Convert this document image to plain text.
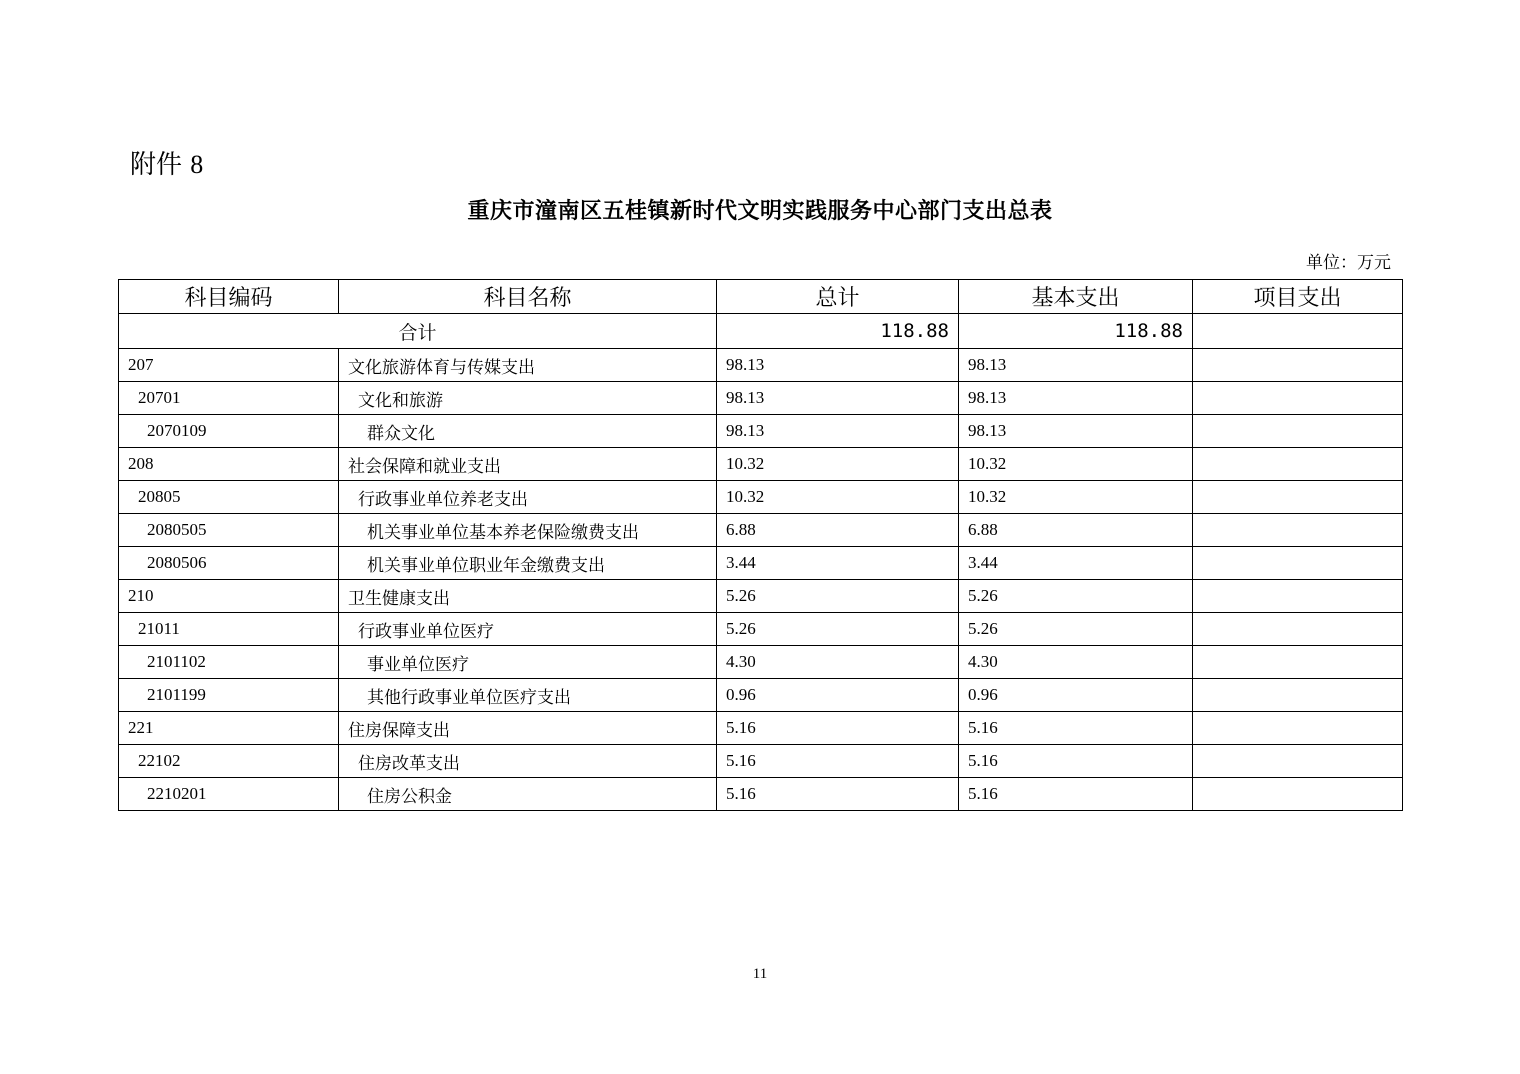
附件 8
重庆市潼南区五桂镇新时代文明实践服务中心部门支出总表
单位：万元
科目编码	科目名称	总计	基本支出	项目支出
合计		118.88	118.88	
207	文化旅游体育与传媒支出	98.13	98.13	
20701	文化和旅游	98.13	98.13	
2070109	群众文化	98.13	98.13	
208	社会保障和就业支出	10.32	10.32	
20805	行政事业单位养老支出	10.32	10.32	
2080505	机关事业单位基本养老保险缴费支出	6.88	6.88	
2080506	机关事业单位职业年金缴费支出	3.44	3.44	
210	卫生健康支出	5.26	5.26	
21011	行政事业单位医疗	5.26	5.26	
2101102	事业单位医疗	4.30	4.30	
2101199	其他行政事业单位医疗支出	0.96	0.96	
221	住房保障支出	5.16	5.16	
22102	住房改革支出	5.16	5.16	
2210201	住房公积金	5.16	5.16	
11
